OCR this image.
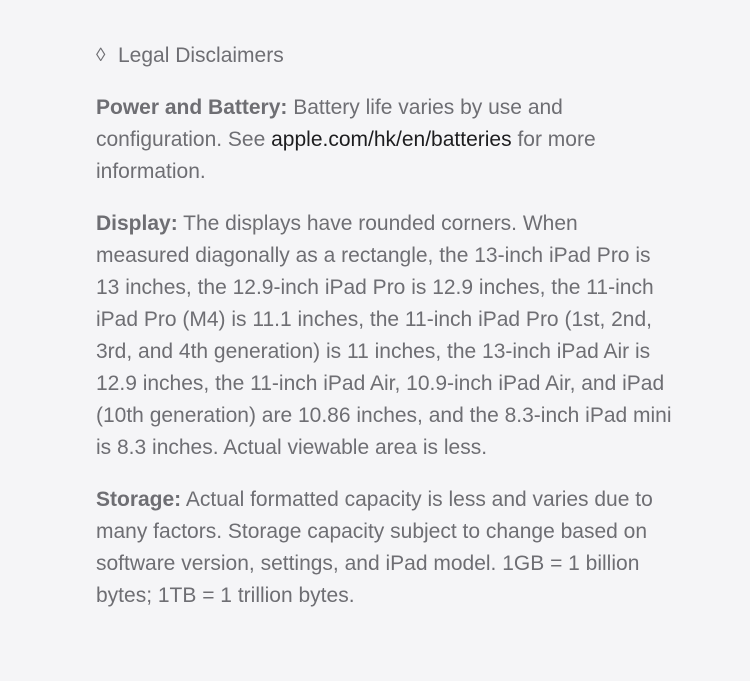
◊ Legal Disclaimers

Power and Battery: Battery life varies by use and configuration. See apple.com/hk/en/batteries for more information.

Display: The displays have rounded corners. When measured diagonally as a rectangle, the 13-inch iPad Pro is 13 inches, the 12.9-inch iPad Pro is 12.9 inches, the 11-inch iPad Pro (M4) is 11.1 inches, the 11-inch iPad Pro (1st, 2nd, 3rd, and 4th generation) is 11 inches, the 13-inch iPad Air is 12.9 inches, the 11-inch iPad Air, 10.9-inch iPad Air, and iPad (10th generation) are 10.86 inches, and the 8.3-inch iPad mini is 8.3 inches. Actual viewable area is less.

Storage: Actual formatted capacity is less and varies due to many factors. Storage capacity subject to change based on software version, settings, and iPad model. 1GB = 1 billion bytes; 1TB = 1 trillion bytes.
